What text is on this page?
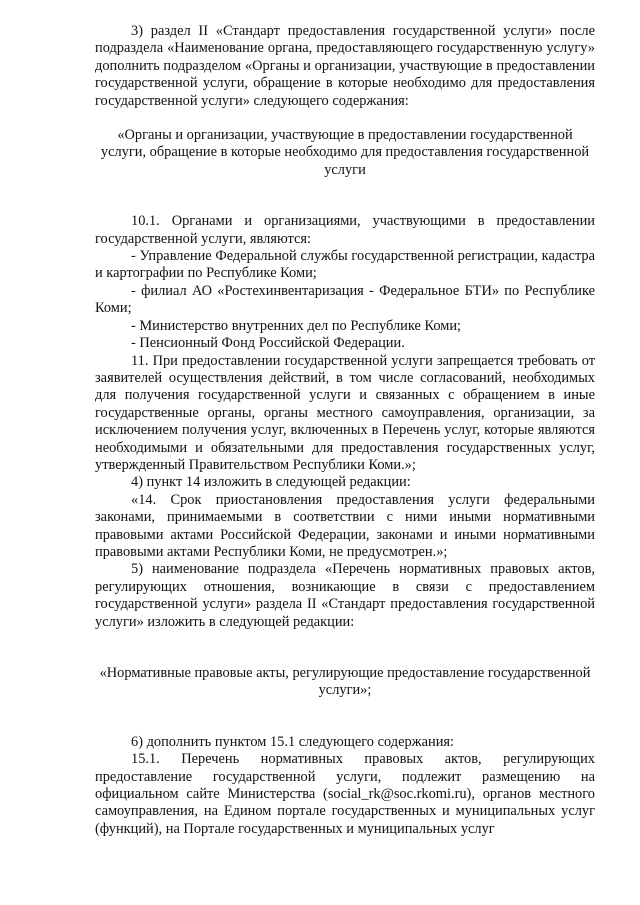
3) раздел II «Стандарт предоставления государственной услуги» после подраздела «Наименование органа, предоставляющего государственную услугу» дополнить подразделом «Органы и организации, участвующие в предоставлении государственной услуги, обращение в которые необходимо для предоставления государственной услуги» следующего содержания:

«Органы и организации, участвующие в предоставлении государственной услуги, обращение в которые необходимо для предоставления государственной услуги

10.1. Органами и организациями, участвующими в предоставлении государственной услуги, являются:

- Управление Федеральной службы государственной регистрации, кадастра и картографии по Республике Коми;

- филиал АО «Ростехинвентаризация - Федеральное БТИ» по Республике Коми;

- Министерство внутренних дел по Республике Коми;

- Пенсионный Фонд Российской Федерации.

11. При предоставлении государственной услуги запрещается требовать от заявителей осуществления действий, в том числе согласований, необходимых для получения государственной услуги и связанных с обращением в иные государственные органы, органы местного самоуправления, организации, за исключением получения услуг, включенных в Перечень услуг, которые являются необходимыми и обязательными для предоставления государственных услуг, утвержденный Правительством Республики Коми.»;

4) пункт 14 изложить в следующей редакции:

«14. Срок приостановления предоставления услуги федеральными законами, принимаемыми в соответствии с ними иными нормативными правовыми актами Российской Федерации, законами и иными нормативными правовыми актами Республики Коми, не предусмотрен.»;

5) наименование подраздела «Перечень нормативных правовых актов, регулирующих отношения, возникающие в связи с предоставлением государственной услуги» раздела II «Стандарт предоставления государственной услуги» изложить в следующей редакции:

«Нормативные правовые акты, регулирующие предоставление государственной услуги»;

6) дополнить пунктом 15.1 следующего содержания:

15.1. Перечень нормативных правовых актов, регулирующих предоставление государственной услуги, подлежит размещению на официальном сайте Министерства (social_rk@soc.rkomi.ru), органов местного самоуправления, на Едином портале государственных и муниципальных услуг (функций), на Портале государственных и муниципальных услуг
